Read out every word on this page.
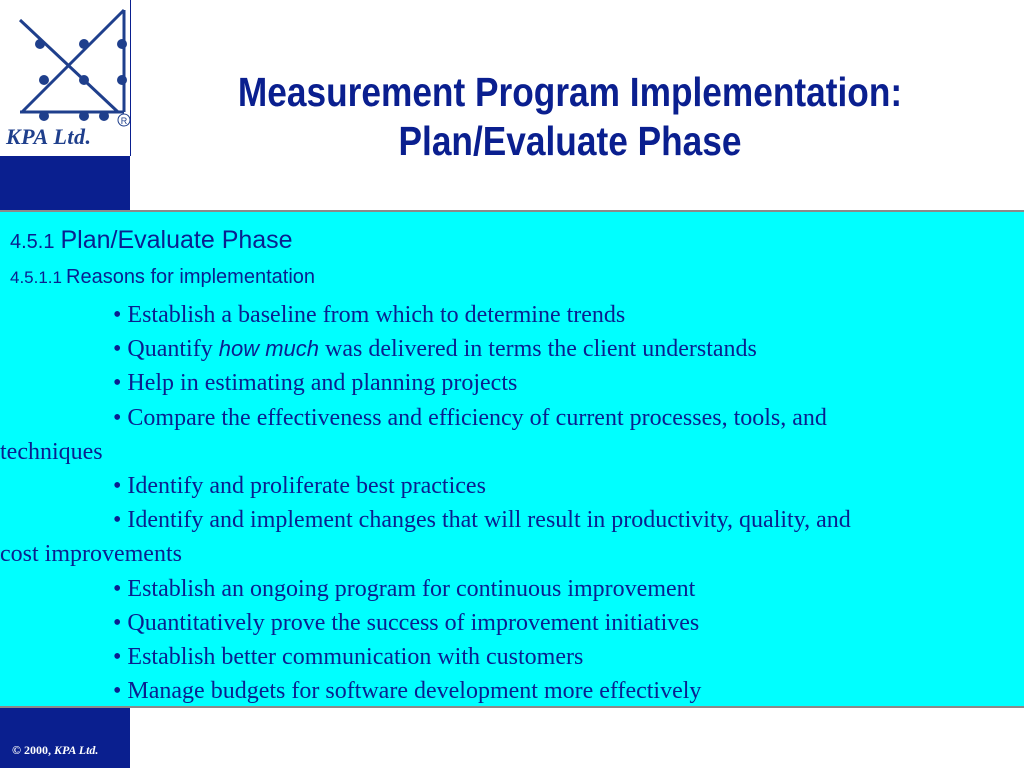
R
KPA Ltd.
Measurement Program Implementation:
Plan/Evaluate Phase
4.5.1 Plan/Evaluate Phase
4.5.1.1 Reasons for implementation
• Establish a baseline from which to determine trends
• Quantify how much was delivered in terms the client understands
• Help in estimating and planning projects
• Compare the effectiveness and efficiency of current processes, tools, and
techniques
• Identify and proliferate best practices
• Identify and implement changes that will result in productivity, quality, and
cost improvements
• Establish an ongoing program for continuous improvement
• Quantitatively prove the success of improvement initiatives
• Establish better communication with customers
• Manage budgets for software development more effectively
© 2000, KPA Ltd.
